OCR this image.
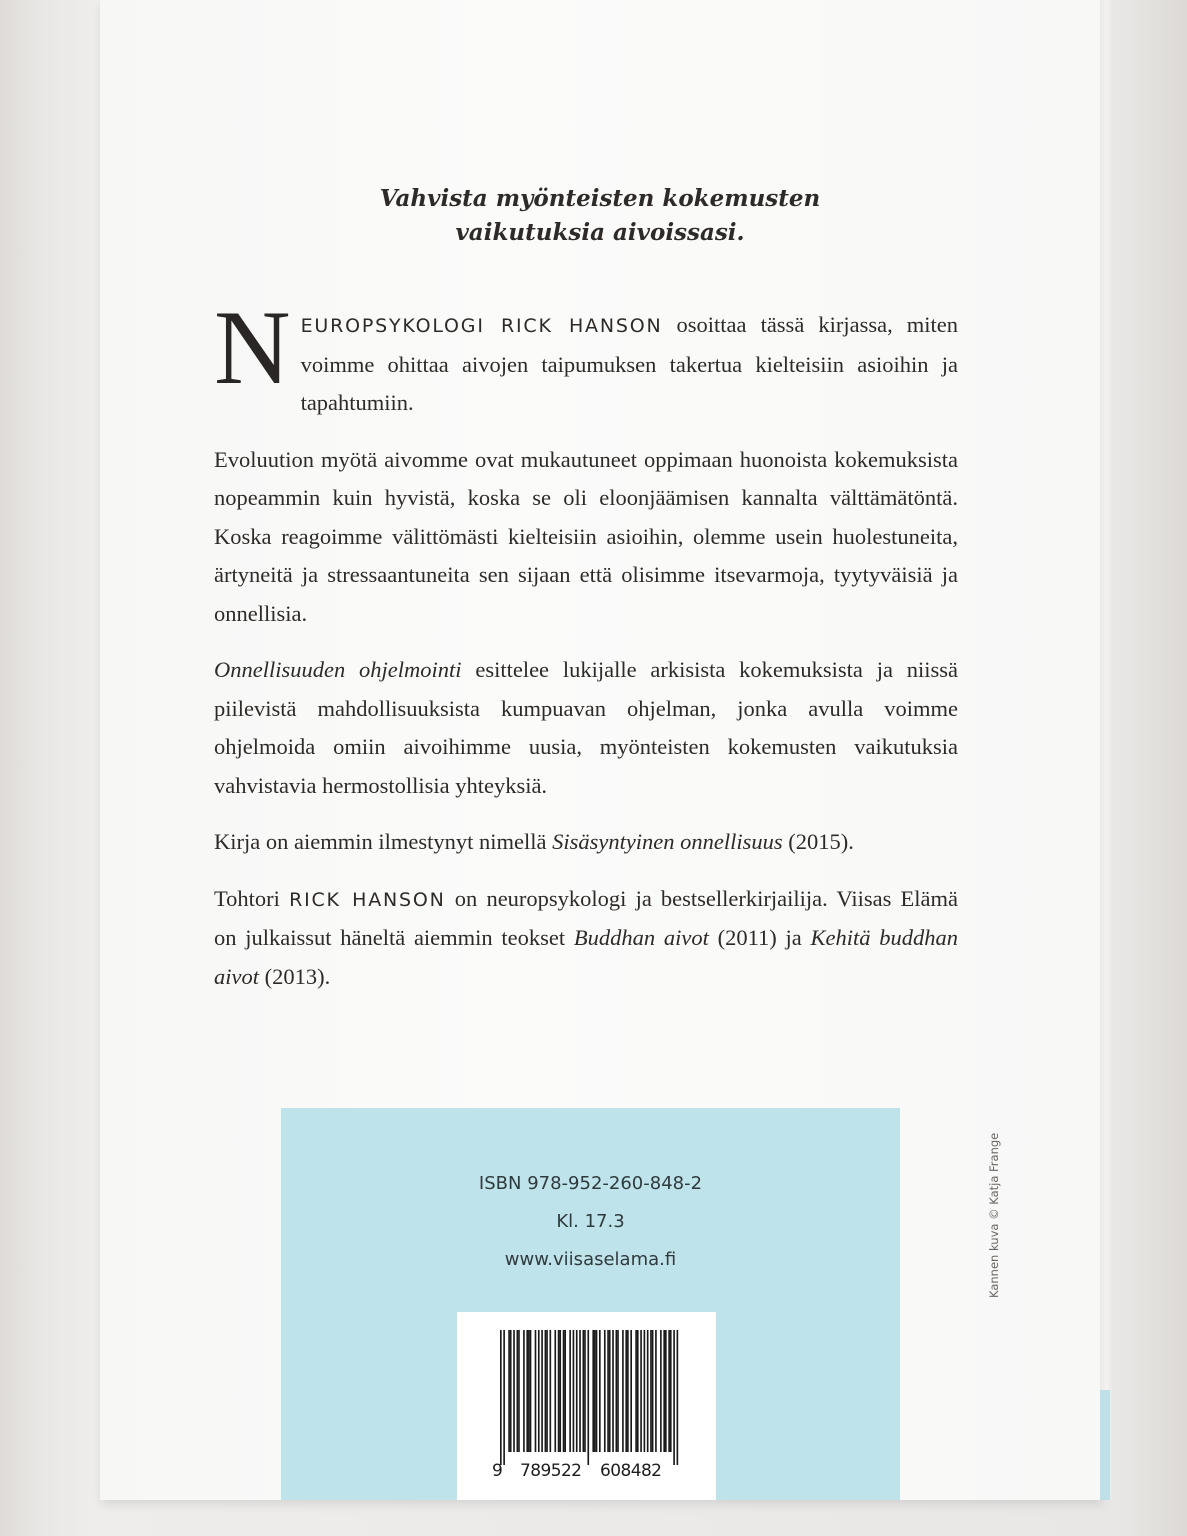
Vahvista myönteisten kokemusten
vaikutuksia aivoissasi.

NEUROPSYKOLOGI RICK HANSON osoittaa tässä kirjassa, miten voimme ohittaa aivojen taipumuksen takertua kielteisiin asioihin ja tapahtumiin.

Evoluution myötä aivomme ovat mukautuneet oppimaan huonoista kokemuksista nopeammin kuin hyvistä, koska se oli eloonjäämisen kannalta välttämätöntä. Koska reagoimme välittömästi kielteisiin asioihin, olemme usein huolestuneita, ärtyneitä ja stressaantuneita sen sijaan että olisimme itsevarmoja, tyytyväisiä ja onnellisia.

Onnellisuuden ohjelmointi esittelee lukijalle arkisista kokemuksista ja niissä piilevistä mahdollisuuksista kumpuavan ohjelman, jonka avulla voimme ohjelmoida omiin aivoihimme uusia, myönteisten kokemusten vaikutuksia vahvistavia hermostollisia yhteyksiä.

Kirja on aiemmin ilmestynyt nimellä Sisäsyntyinen onnellisuus (2015).

Tohtori RICK HANSON on neuropsykologi ja bestsellerkirjailija. Viisas Elämä on julkaissut häneltä aiemmin teokset Buddhan aivot (2011) ja Kehitä buddhan aivot (2013).

ISBN 978-952-260-848-2
Kl. 17.3
www.viisaselama.fi
9 789522 608482
Kannen kuva © Katja Frange
